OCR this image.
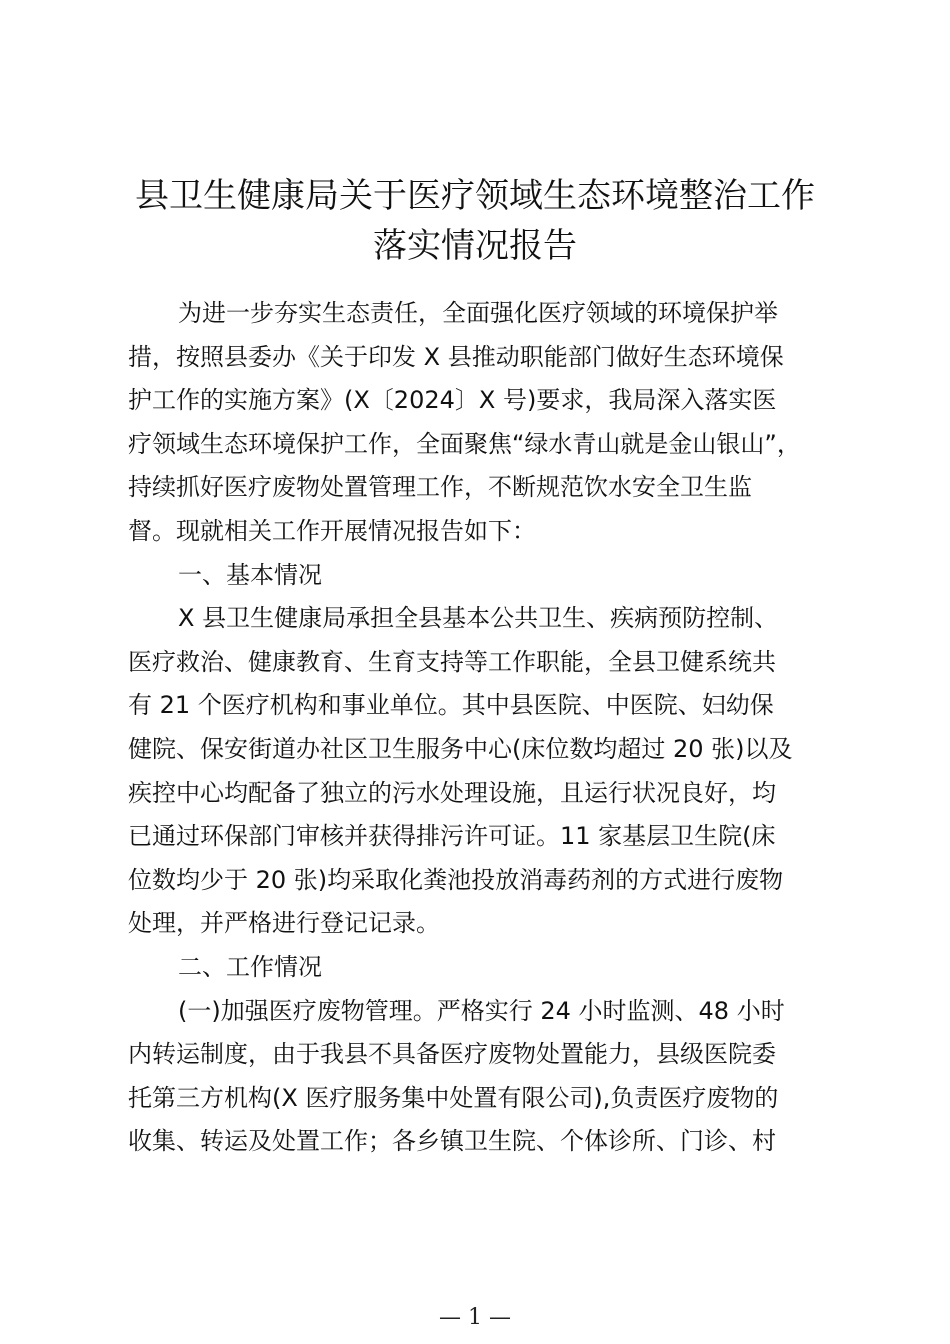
县卫生健康局关于医疗领域生态环境整治工作
落实情况报告
为进一步夯实生态责任，全面强化医疗领域的环境保护举
措，按照县委办《关于印发 X 县推动职能部门做好生态环境保
护工作的实施方案》(X〔2024〕X 号)要求，我局深入落实医
疗领域生态环境保护工作，全面聚焦“绿水青山就是金山银山”，
持续抓好医疗废物处置管理工作，不断规范饮水安全卫生监
督。现就相关工作开展情况报告如下：
一、基本情况
X 县卫生健康局承担全县基本公共卫生、疾病预防控制、
医疗救治、健康教育、生育支持等工作职能，全县卫健系统共
有 21 个医疗机构和事业单位。其中县医院、中医院、妇幼保
健院、保安街道办社区卫生服务中心(床位数均超过 20 张)以及
疾控中心均配备了独立的污水处理设施，且运行状况良好，均
已通过环保部门审核并获得排污许可证。11 家基层卫生院(床
位数均少于 20 张)均采取化粪池投放消毒药剂的方式进行废物
处理，并严格进行登记记录。
二、工作情况
(一)加强医疗废物管理。严格实行 24 小时监测、48 小时
内转运制度，由于我县不具备医疗废物处置能力，县级医院委
托第三方机构(X 医疗服务集中处置有限公司),负责医疗废物的
收集、转运及处置工作；各乡镇卫生院、个体诊所、门诊、村
— 1 —
